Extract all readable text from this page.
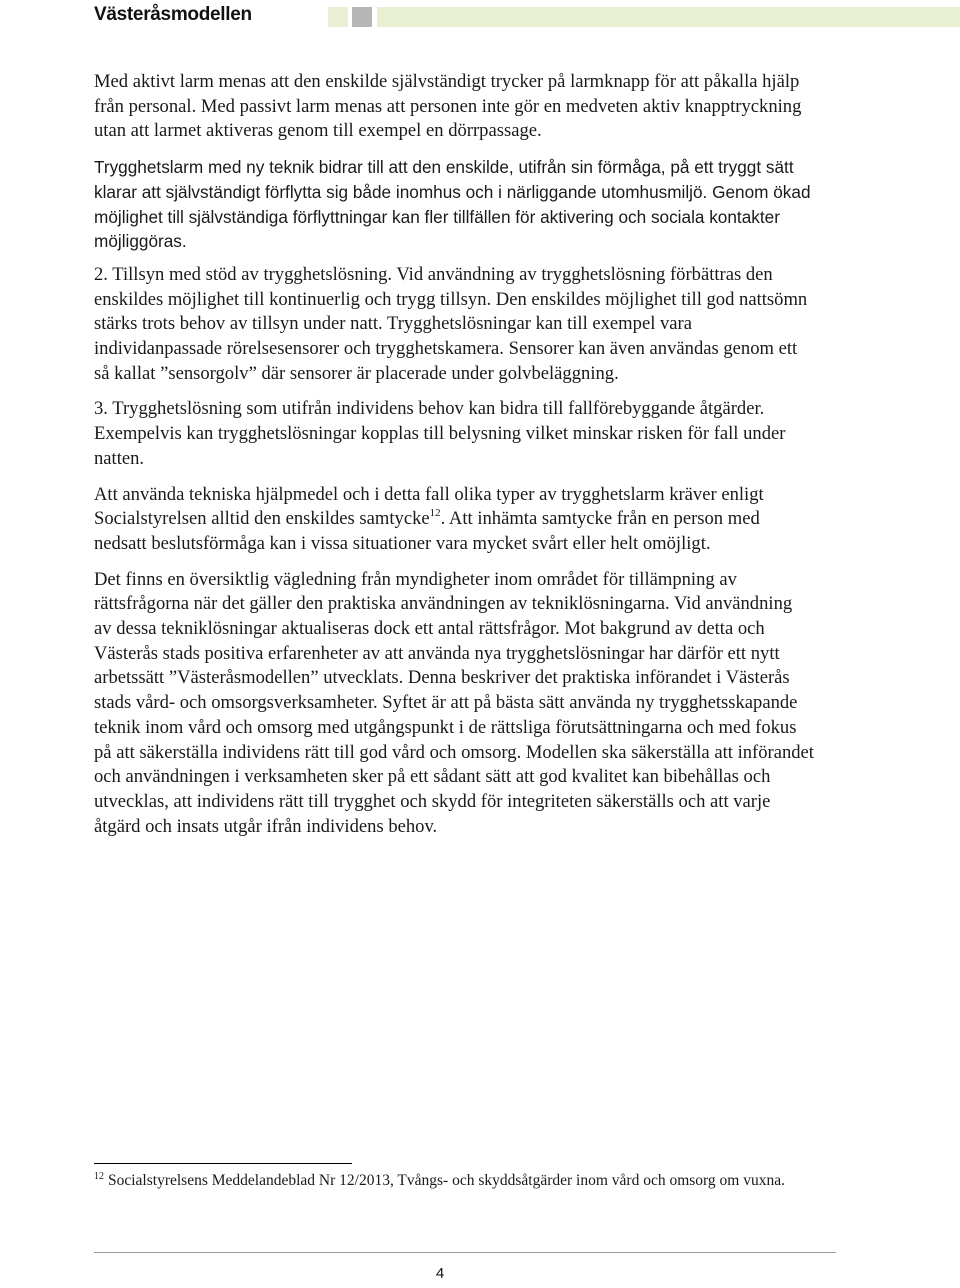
Västeråsmodellen

Med aktivt larm menas att den enskilde självständigt trycker på larmknapp för att påkalla hjälp från personal. Med passivt larm menas att personen inte gör en medveten aktiv knapptryckning utan att larmet aktiveras genom till exempel en dörrpassage.

Trygghetslarm med ny teknik bidrar till att den enskilde, utifrån sin förmåga, på ett tryggt sätt klarar att självständigt förflytta sig både inomhus och i närliggande utomhusmiljö. Genom ökad möjlighet till självständiga förflyttningar kan fler tillfällen för aktivering och sociala kontakter möjliggöras.

2. Tillsyn med stöd av trygghetslösning. Vid användning av trygghetslösning förbättras den enskildes möjlighet till kontinuerlig och trygg tillsyn. Den enskildes möjlighet till god nattsömn stärks trots behov av tillsyn under natt. Trygghetslösningar kan till exempel vara individanpassade rörelsesensorer och trygghetskamera. Sensorer kan även användas genom ett så kallat ”sensorgolv” där sensorer är placerade under golvbeläggning.

3. Trygghetslösning som utifrån individens behov kan bidra till fallförebyggande åtgärder. Exempelvis kan trygghetslösningar kopplas till belysning vilket minskar risken för fall under natten.

Att använda tekniska hjälpmedel och i detta fall olika typer av trygghetslarm kräver enligt Socialstyrelsen alltid den enskildes samtycke$^{12}$. Att inhämta samtycke från en person med nedsatt beslutsförmåga kan i vissa situationer vara mycket svårt eller helt omöjligt.

Det finns en översiktlig vägledning från myndigheter inom området för tillämpning av rättsfrågorna när det gäller den praktiska användningen av tekniklösningarna. Vid användning av dessa tekniklösningar aktualiseras dock ett antal rättsfrågor. Mot bakgrund av detta och Västerås stads positiva erfarenheter av att använda nya trygghetslösningar har därför ett nytt arbetssätt ”Västeråsmodellen” utvecklats. Denna beskriver det praktiska införandet i Västerås stads vård- och omsorgsverksamheter. Syftet är att på bästa sätt använda ny trygghetsskapande teknik inom vård och omsorg med utgångspunkt i de rättsliga förutsättningarna och med fokus på att säkerställa individens rätt till god vård och omsorg. Modellen ska säkerställa att införandet och användningen i verksamheten sker på ett sådant sätt att god kvalitet kan bibehållas och utvecklas, att individens rätt till trygghet och skydd för integriteten säkerställs och att varje åtgärd och insats utgår ifrån individens behov.

$^{12}$ Socialstyrelsens Meddelandeblad Nr 12/2013, Tvångs- och skyddsåtgärder inom vård och omsorg om vuxna.
4
